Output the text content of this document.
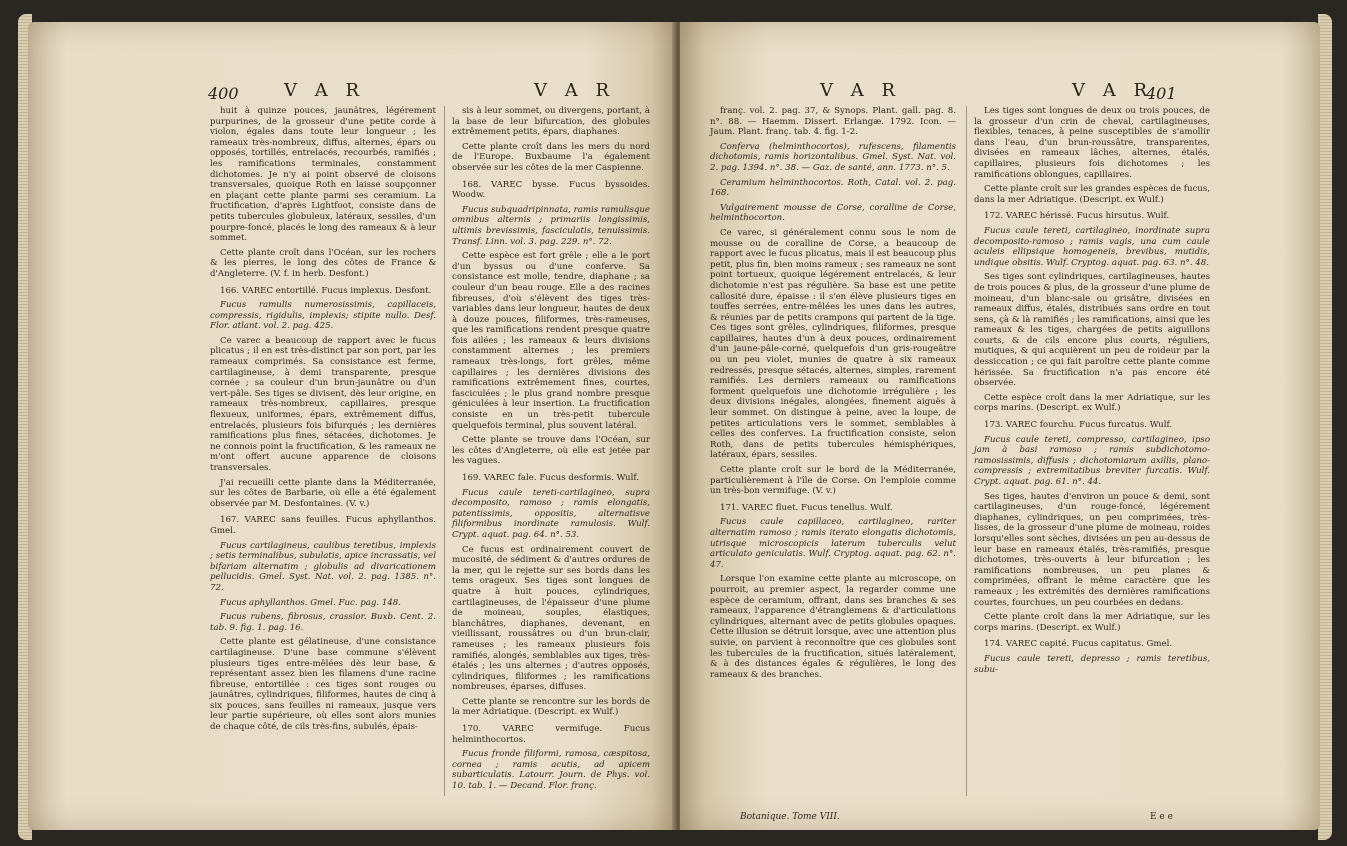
400	V A R	V A R

huit à quinze pouces, jaunâtres, légérement purpurines, de la grosseur d'une petite corde à violon, égales dans toute leur longueur ; les rameaux très-nombreux, diffus, alternes, épars ou opposés, tortillés, entrelacés, recourbés, ramifiés ; les ramifications terminales, constamment dichotomes. Je n'y ai point observé de cloisons transversales, quoique Roth en laisse soupçonner en plaçant cette plante parmi ses ceramium. La fructification, d'après Lightfoot, consiste dans de petits tubercules globuleux, latéraux, sessiles, d'un pourpre-foncé, placés le long des rameaux & à leur sommet.

Cette plante croît dans l'Océan, sur les rochers & les pierres, le long des côtes de France & d'Angleterre. (V. f. in herb. Desfont.)

166. VAREC entortillé. Fucus implexus. Desfont.

Fucus ramulis numerosissimis, capillaceis, compressis, rigidulis, implexis; stipite nullo. Desf. Flor. atlant. vol. 2. pag. 425.

Ce varec a beaucoup de rapport avec le fucus plicatus ; il en est très-distinct par son port, par les rameaux comprimés. Sa consistance est ferme, cartilagineuse, à demi transparente, presque cornée ; sa couleur d'un brun-jaunâtre ou d'un vert-pâle. Ses tiges se divisent, dès leur origine, en rameaux très-nombreux, capillaires, presque flexueux, uniformes, épars, extrêmement diffus, entrelacés, plusieurs fois bifurqués ; les dernières ramifications plus fines, sétacées, dichotomes. Je ne connois point la fructification, & les rameaux ne m'ont offert aucune apparence de cloisons transversales.

J'ai recueilli cette plante dans la Méditerranée, sur les côtes de Barbarie, où elle a été également observée par M. Desfontaines. (V. v.)

167. VAREC sans feuilles. Fucus aphyllanthos. Gmel.

Fucus cartilagineus, caulibus teretibus, implexis ; setis terminalibus, subulatis, apice incrassatis, vel bifariam alternatim ; globulis ad divaricationem pellucidis. Gmel. Syst. Nat. vol. 2. pag. 1385. n°. 72.

Fucus aphyllanthos. Gmel. Fuc. pag. 148.

Fucus rubens, fibrosus, crassior. Buxb. Cent. 2. tab. 9. fig. 1. pag. 16.

Cette plante est gélatineuse, d'une consistance cartilagineuse. D'une base commune s'élèvent plusieurs tiges entre-mêlées dès leur base, & représentant assez bien les filamens d'une racine fibreuse, entortillée : ces tiges sont rouges ou jaunâtres, cylindriques, filiformes, hautes de cinq à six pouces, sans feuilles ni rameaux, jusque vers leur partie supérieure, où elles sont alors munies de chaque côté, de cils très-fins, subulés, épais-

sis à leur sommet, ou divergens, portant, à la base de leur bifurcation, des globules extrêmement petits, épars, diaphanes.

Cette plante croît dans les mers du nord de l'Europe. Buxbaume l'a également observée sur les côtes de la mer Caspienne.

168. VAREC bysse. Fucus byssoides. Woodw.

Fucus subquadripinnata, ramis ramulisque omnibus alternis ; primariis longissimis, ultimis brevissimis, fasciculatis, tenuissimis. Transf. Linn. vol. 3. pag. 229. n°. 72.

Cette espèce est fort grêle ; elle a le port d'un byssus ou d'une conferve. Sa consistance est molle, tendre, diaphane ; sa couleur d'un beau rouge. Elle a des racines fibreuses, d'où s'élèvent des tiges très-variables dans leur longueur, hautes de deux à douze pouces, filiformes, très-rameuses, que les ramifications rendent presque quatre fois ailées ; les rameaux & leurs divisions constamment alternes ; les premiers rameaux très-longs, fort grêles, même capillaires ; les dernières divisions des ramifications extrêmement fines, courtes, fasciculées ; le plus grand nombre presque géniculées à leur insertion. La fructification consiste en un très-petit tubercule quelquefois terminal, plus souvent latéral.

Cette plante se trouve dans l'Océan, sur les côtes d'Angleterre, où elle est jetée par les vagues.

169. VAREC fale. Fucus desformis. Wulf.

Fucus caule tereti-cartilagineo, supra decomposito, ramoso ; ramis elongatis, patentissimis, oppositis, alternatisve filiformibus inordinate ramulosis. Wulf. Crypt. aquat. pag. 64. n°. 53.

Ce fucus est ordinairement couvert de mucosité, de sédiment & d'autres ordures de la mer, qui le rejette sur ses bords dans les tems orageux. Ses tiges sont longues de quatre à huit pouces, cylindriques, cartilagineuses, de l'épaisseur d'une plume de moineau, souples, élastiques, blanchâtres, diaphanes, devenant, en vieillissant, roussâtres ou d'un brun-clair, rameuses ; les rameaux plusieurs fois ramifiés, alongés, semblables aux tiges, très-étalés ; les uns alternes ; d'autres opposés, cylindriques, filiformes ; les ramifications nombreuses, éparses, diffuses.

Cette plante se rencontre sur les bords de la mer Adriatique. (Descript. ex Wulf.)

170. VAREC vermifuge. Fucus helminthocortos.

Fucus fronde filiformi, ramosa, cæspitosa, cornea ; ramis acutis, ad apicem subarticulatis. Latourr. Journ. de Phys. vol. 10. tab. 1. — Decand. Flor. franç.

V A R	V A R
401

franç. vol. 2. pag. 37, & Synops. Plant. gall. pag. 8. n°. 88. — Haemm. Dissert. Erlangæ. 1792. Icon. — Jaum. Plant. franç. tab. 4. fig. 1-2.

Conferva (helminthocortos), rufescens, filamentis dichotomis, ramis horizontalibus. Gmel. Syst. Nat. vol. 2. pag. 1394. n°. 38. — Gaz. de santé, ann. 1773. n°. 5.

Ceramium helminthocortos. Roth, Catal. vol. 2. pag. 168.

Vulgairement mousse de Corse, coralline de Corse, helminthocorton.

Ce varec, si généralement connu sous le nom de mousse ou de coralline de Corse, a beaucoup de rapport avec le fucus plicatus, mais il est beaucoup plus petit, plus fin, bien moins rameux ; ses rameaux ne sont point tortueux, quoique légérement entrelacés, & leur dichotomie n'est pas régulière. Sa base est une petite callosité dure, épaisse : il s'en élève plusieurs tiges en touffes serrées, entre-mêlées les unes dans les autres, & réunies par de petits crampons qui partent de la tige. Ces tiges sont grêles, cylindriques, filiformes, presque capillaires, hautes d'un à deux pouces, ordinairement d'un jaune-pâle-corné, quelquefois d'un gris-rougeâtre ou un peu violet, munies de quatre à six rameaux redressés, presque sétacés, alternes, simples, rarement ramifiés. Les derniers rameaux ou ramifications forment quelquefois une dichotomie irrégulière ; les deux divisions inégales, alongées, finement aiguës à leur sommet. On distingue à peine, avec la loupe, de petites articulations vers le sommet, semblables à celles des conferves. La fructification consiste, selon Roth, dans de petits tubercules hémisphériques, latéraux, épars, sessiles.

Cette plante croît sur le bord de la Méditerranée, particulièrement à l'île de Corse. On l'emploie comme un très-bon vermifuge. (V. v.)

171. VAREC fluet. Fucus tenellus. Wulf.

Fucus caule capillaceo, cartilagineo, rariter alternatim ramoso ; ramis iterato elongatis dichotomis, utrisque microscopicis laterum tuberculis velut articulato geniculatis. Wulf. Cryptog. aquat. pag. 62. n°. 47.

Lorsque l'on examine cette plante au microscope, on pourroit, au premier aspect, la regarder comme une espèce de ceramium, offrant, dans ses branches & ses rameaux, l'apparence d'étranglemens & d'articulations cylindriques, alternant avec de petits globules opaques. Cette illusion se détruit lorsque, avec une attention plus suivie, on parvient à reconnoître que ces globules sont les tubercules de la fructification, situés latéralement, & à des distances égales & régulières, le long des rameaux & des branches.

Botanique. Tome VIII.

Les tiges sont longues de deux ou trois pouces, de la grosseur d'un crin de cheval, cartilagineuses, flexibles, tenaces, à peine susceptibles de s'amollir dans l'eau, d'un brun-roussâtre, transparentes, divisées en rameaux lâches, alternes, étalés, capillaires, plusieurs fois dichotomes ; les ramifications oblongues, capillaires.

Cette plante croît sur les grandes espèces de fucus, dans la mer Adriatique. (Descript. ex Wulf.)

172. VAREC hérissé. Fucus hirsutus. Wulf.

Fucus caule tereti, cartilagineo, inordinate supra decomposito-ramoso ; ramis vagis, una cum caule aculeis ellipsique homogeneis, brevibus, mutidis, undique obsitis. Wulf. Cryptog. aquat. pag. 63. n°. 48.

Ses tiges sont cylindriques, cartilagineuses, hautes de trois pouces & plus, de la grosseur d'une plume de moineau, d'un blanc-sale ou grisâtre, divisées en rameaux diffus, étalés, distribués sans ordre en tout sens, çà & là ramifiés ; les ramifications, ainsi que les rameaux & les tiges, chargées de petits aiguillons courts, & de cils encore plus courts, réguliers, mutiques, & qui acquièrent un peu de roideur par la dessiccation ; ce qui fait paroître cette plante comme hérissée. Sa fructification n'a pas encore été observée.

Cette espèce croît dans la mer Adriatique, sur les corps marins. (Descript. ex Wulf.)

173. VAREC fourchu. Fucus furcatus. Wulf.

Fucus caule tereti, compresso, cartilagineo, ipso jam à basi ramoso ; ramis subdichotomo-ramosissimis, diffusis ; dichotomiarum axillis, plano-compressis ; extremitatibus breviter furcatis. Wulf. Crypt. aquat. pag. 61. n°. 44.

Ses tiges, hautes d'environ un pouce & demi, sont cartilagineuses, d'un rouge-foncé, légérement diaphanes, cylindriques, un peu comprimées, très-lisses, de la grosseur d'une plume de moineau, roides lorsqu'elles sont sèches, divisées un peu au-dessus de leur base en rameaux étalés, très-ramifiés, presque dichotomes, très-ouverts à leur bifurcation ; les ramifications nombreuses, un peu planes & comprimées, offrant le même caractère que les rameaux ; les extrémités des dernières ramifications courtes, fourchues, un peu courbées en dedans.

Cette plante croît dans la mer Adriatique, sur les corps marins. (Descript. ex Wulf.)

174. VAREC capité. Fucus capitatus. Gmel.

Fucus caule tereti, depresso ; ramis teretibus, subu-

E e e
